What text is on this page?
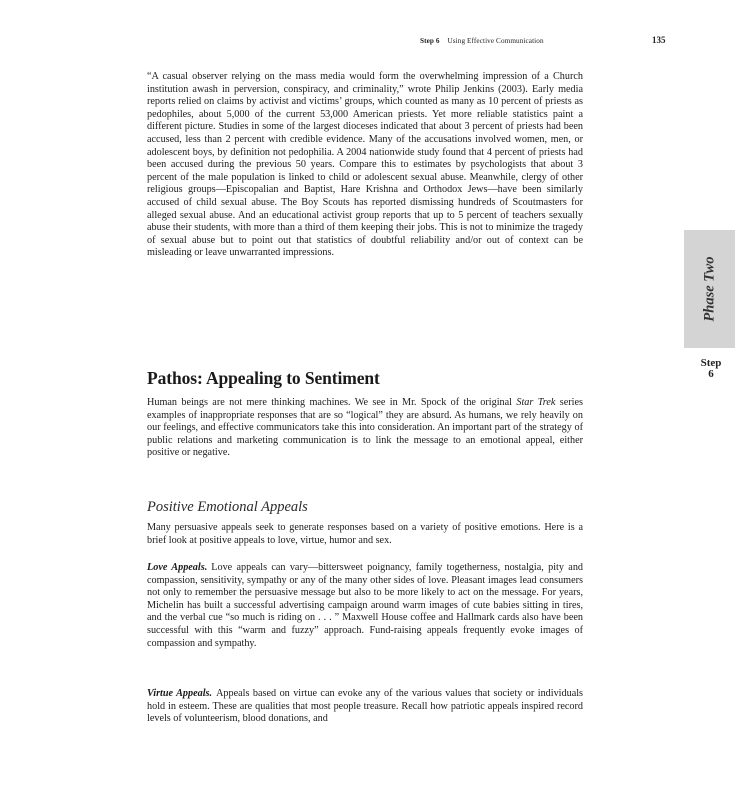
Step 6 Using Effective Communication	135

“A casual observer relying on the mass media would form the overwhelming impression of a Church institution awash in perversion, conspiracy, and criminality,” wrote Philip Jenkins (2003). Early media reports relied on claims by activist and victims’ groups, which counted as many as 10 percent of priests as pedophiles, about 5,000 of the current 53,000 American priests. Yet more reliable statistics paint a different picture. Studies in some of the largest dioceses indicated that about 3 percent of priests had been accused, less than 2 percent with credible evidence. Many of the accusations involved women, men, or adolescent boys, by definition not pedophilia. A 2004 nationwide study found that 4 percent of priests had been accused during the previous 50 years. Compare this to estimates by psychologists that about 3 percent of the male population is linked to child or adolescent sexual abuse. Meanwhile, clergy of other religious groups—Episcopalian and Baptist, Hare Krishna and Orthodox Jews—have been similarly accused of child sexual abuse. The Boy Scouts has reported dismissing hundreds of Scoutmasters for alleged sexual abuse. And an educational activist group reports that up to 5 percent of teachers sexually abuse their students, with more than a third of them keeping their jobs. This is not to minimize the tragedy of sexual abuse but to point out that statistics of doubtful reliability and/or out of context can be misleading or leave unwarranted impressions.

Pathos: Appealing to Sentiment

Human beings are not mere thinking machines. We see in Mr. Spock of the original Star Trek series examples of inappropriate responses that are so “logical” they are absurd. As humans, we rely heavily on our feelings, and effective communicators take this into consideration. An important part of the strategy of public relations and marketing communication is to link the message to an emotional appeal, either positive or negative.

Positive Emotional Appeals

Many persuasive appeals seek to generate responses based on a variety of positive emotions. Here is a brief look at positive appeals to love, virtue, humor and sex.

Love Appeals. Love appeals can vary—bittersweet poignancy, family togetherness, nostalgia, pity and compassion, sensitivity, sympathy or any of the many other sides of love. Pleasant images lead consumers not only to remember the persuasive message but also to be more likely to act on the message. For years, Michelin has built a successful advertising campaign around warm images of cute babies sitting in tires, and the verbal cue “so much is riding on . . . ” Maxwell House coffee and Hallmark cards also have been successful with this “warm and fuzzy” approach. Fund-raising appeals frequently evoke images of compassion and sympathy.

Virtue Appeals. Appeals based on virtue can evoke any of the various values that society or individuals hold in esteem. These are qualities that most people treasure. Recall how patriotic appeals inspired record levels of volunteerism, blood donations, and

Phase Two
Step
6
